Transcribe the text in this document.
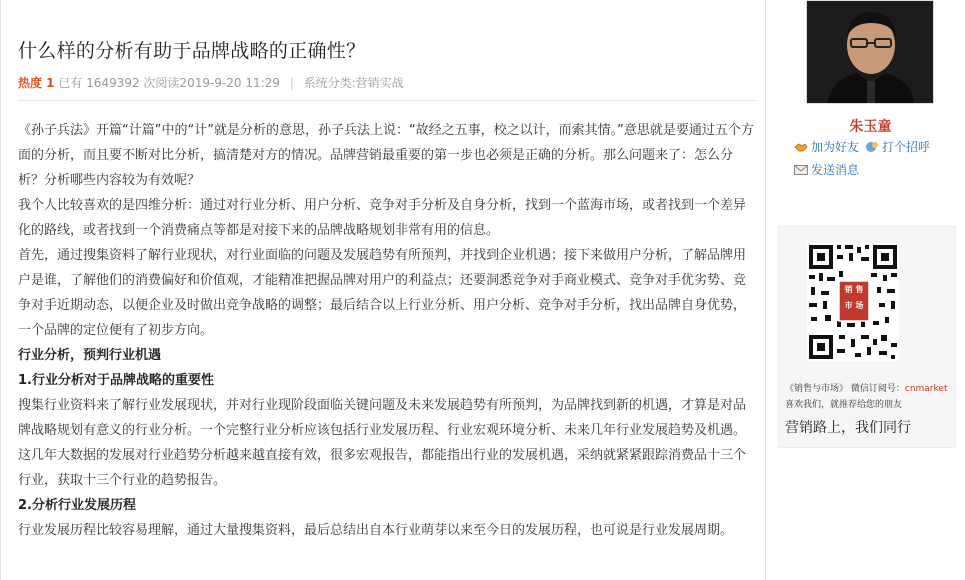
什么样的分析有助于品牌战略的正确性？
热度 1 已有 1649392 次阅读2019-9-20 11:29 | 系统分类:营销实战

《孙子兵法》开篇“计篇”中的“计”就是分析的意思，孙子兵法上说：“故经之五事，校之以计，而索其情。”意思就是要通过五个方面的分析，而且要不断对比分析，搞清楚对方的情况。品牌营销最重要的第一步也必须是正确的分析。那么问题来了：怎么分析？分析哪些内容较为有效呢？

我个人比较喜欢的是四维分析：通过对行业分析、用户分析、竞争对手分析及自身分析，找到一个蓝海市场，或者找到一个差异化的路线，或者找到一个消费痛点等都是对接下来的品牌战略规划非常有用的信息。

首先，通过搜集资料了解行业现状，对行业面临的问题及发展趋势有所预判，并找到企业机遇；接下来做用户分析，了解品牌用户是谁，了解他们的消费偏好和价值观，才能精准把握品牌对用户的利益点；还要洞悉竞争对手商业模式、竞争对手优劣势、竞争对手近期动态，以便企业及时做出竞争战略的调整；最后结合以上行业分析、用户分析、竞争对手分析，找出品牌自身优势，一个品牌的定位便有了初步方向。

行业分析，预判行业机遇

1.行业分析对于品牌战略的重要性

搜集行业资料来了解行业发展现状，并对行业现阶段面临关键问题及未来发展趋势有所预判，为品牌找到新的机遇，才算是对品牌战略规划有意义的行业分析。一个完整行业分析应该包括行业发展历程、行业宏观环境分析、未来几年行业发展趋势及机遇。这几年大数据的发展对行业趋势分析越来越直接有效，很多宏观报告，都能指出行业的发展机遇，采纳就紧紧跟踪消费品十三个行业，获取十三个行业的趋势报告。

2.分析行业发展历程

行业发展历程比较容易理解，通过大量搜集资料，最后总结出自本行业萌芽以来至今日的发展历程，也可说是行业发展周期。

朱玉童
加为好友	打个招呼
发送消息
销 售
市 场
《销售与市场》 微信订阅号：cnmarket
喜欢我们，就推荐给您的朋友
营销路上，我们同行
